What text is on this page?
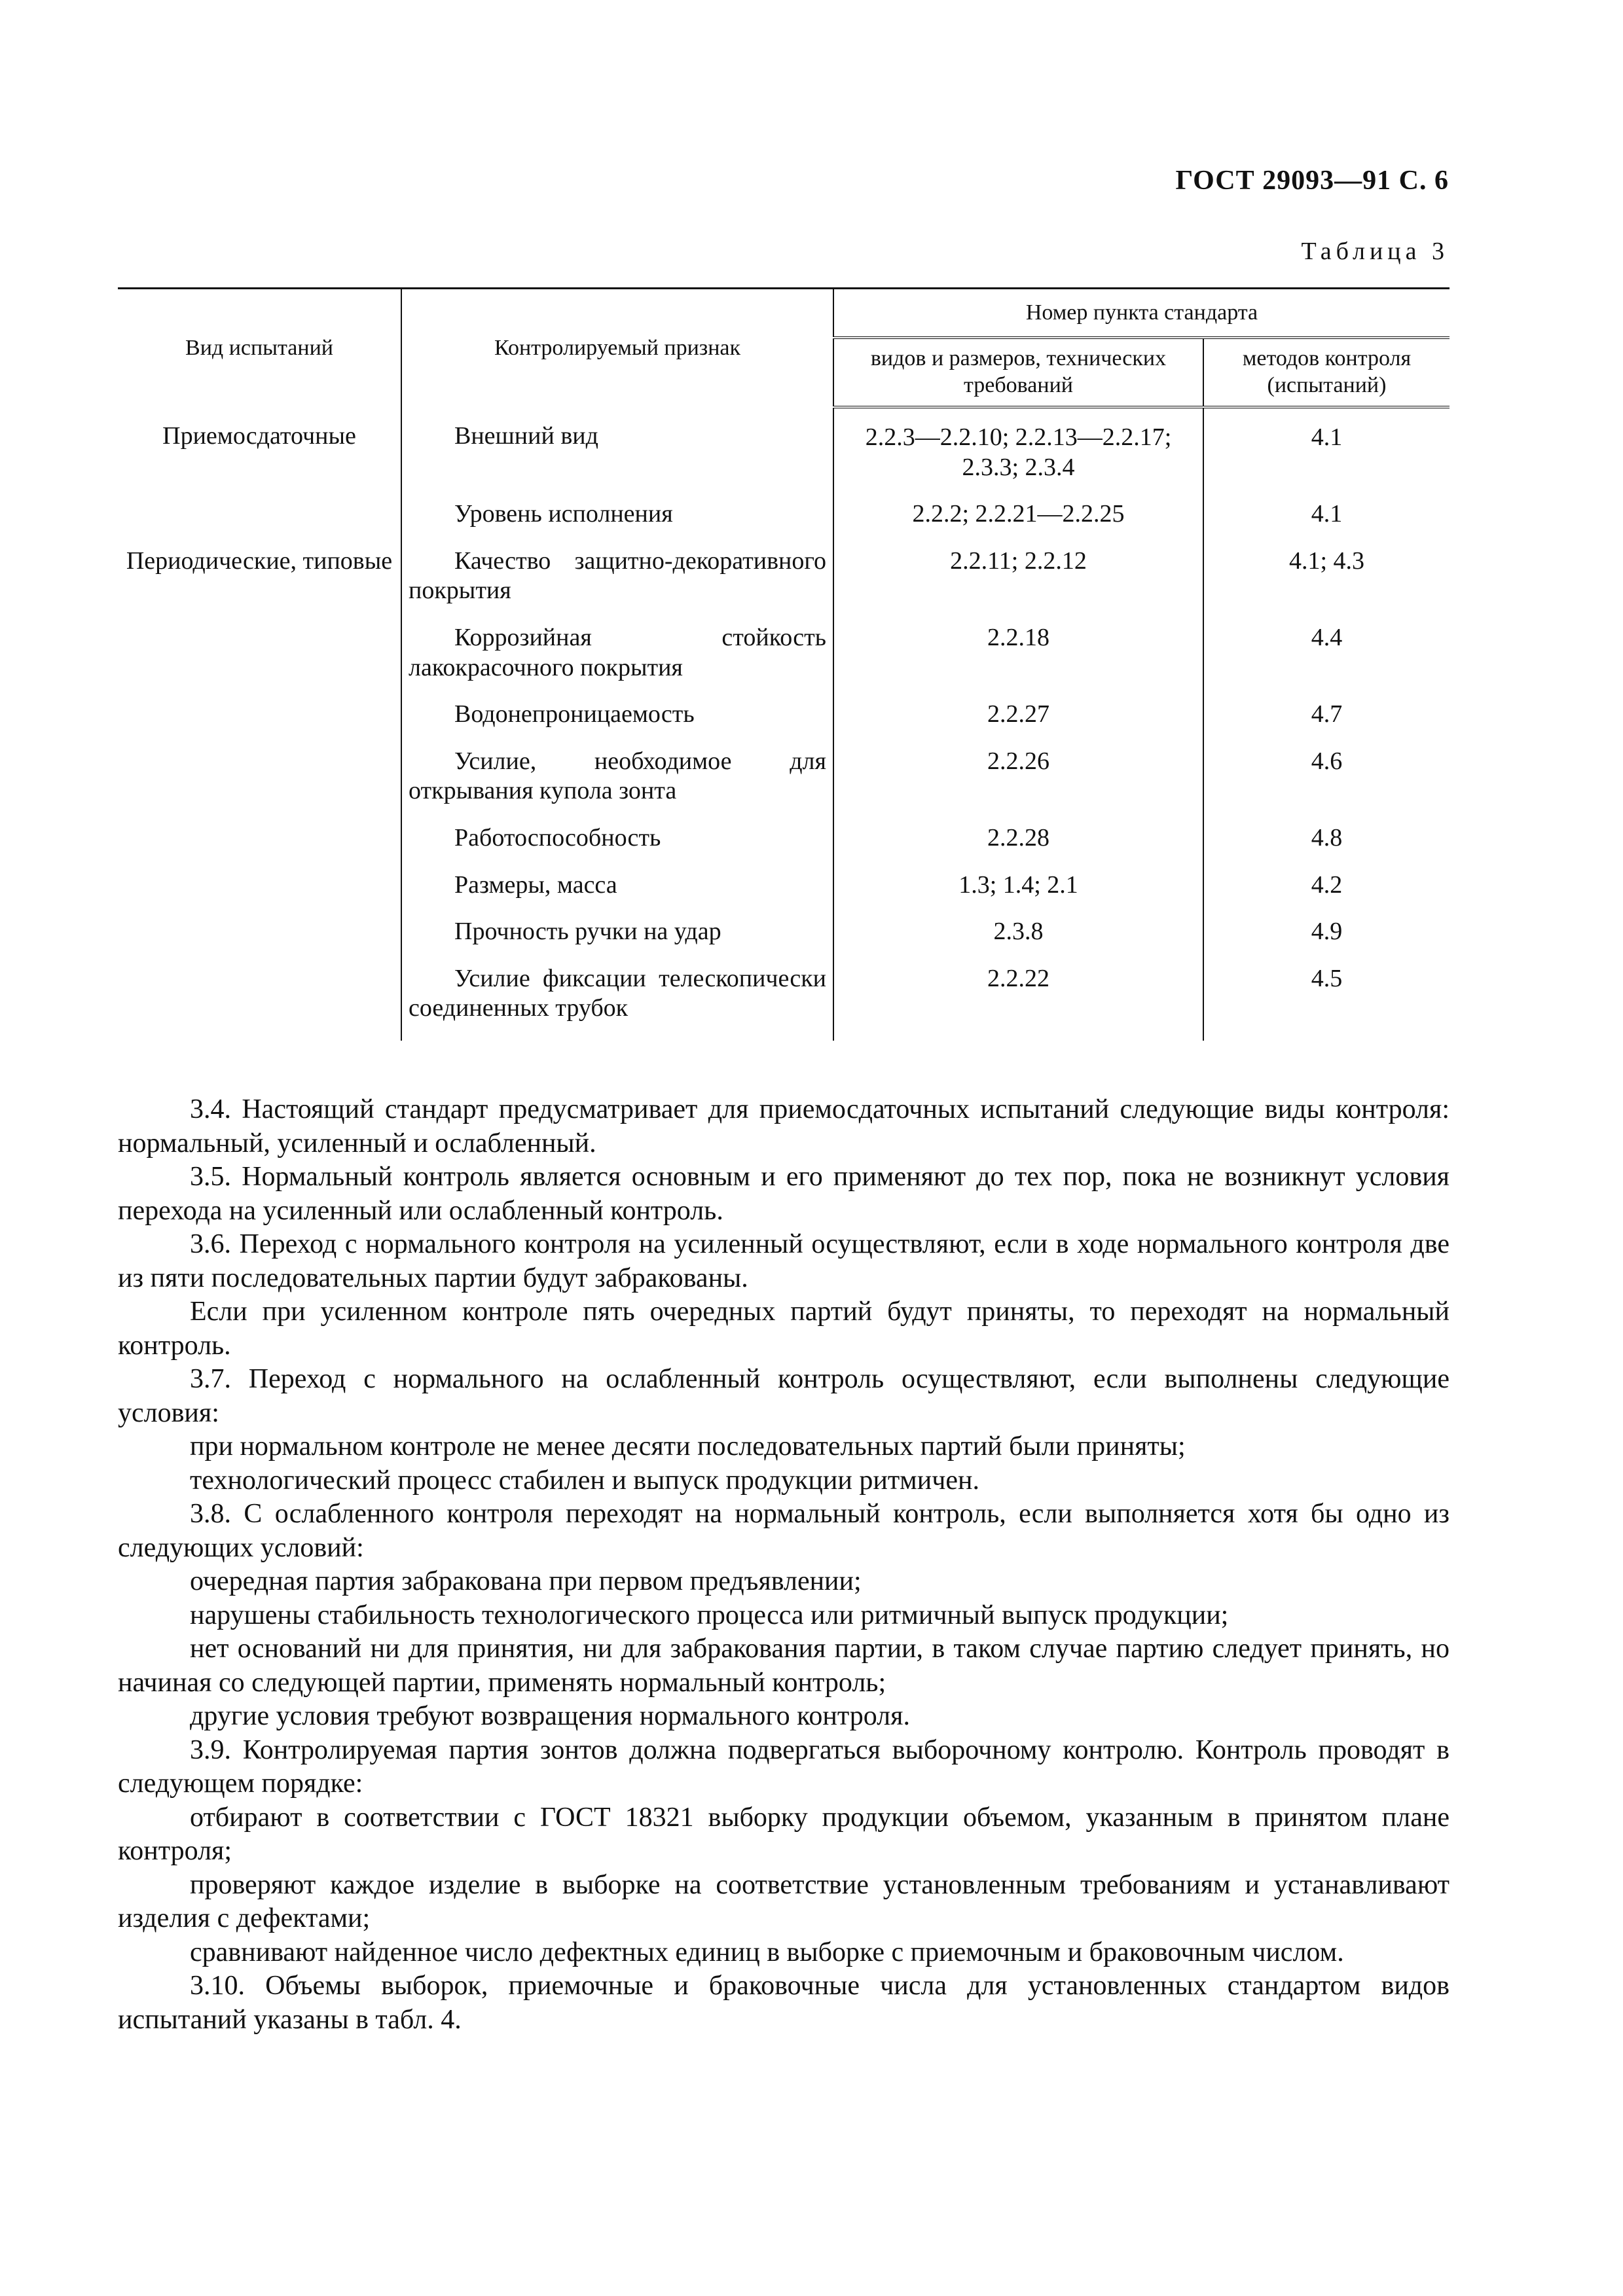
ГОСТ 29093—91 С. 6
Таблица 3
Вид испытаний	Контролируемый признак	Номер пункта стандарта	
		видов и размеров, технических требований	методов контроля (испытаний)
Приемосдаточные	Внешний вид	2.2.3—2.2.10; 2.2.13—2.2.17; 2.3.3; 2.3.4	4.1
	Уровень исполнения	2.2.2; 2.2.21—2.2.25	4.1
Периодические, типовые	Качество защитно-декоративного покрытия	2.2.11; 2.2.12	4.1; 4.3
	Коррозийная стойкость лакокрасочного покрытия	2.2.18	4.4
	Водонепроницаемость	2.2.27	4.7
	Усилие, необходимое для открывания купола зонта	2.2.26	4.6
	Работоспособность	2.2.28	4.8
	Размеры, масса	1.3; 1.4; 2.1	4.2
	Прочность ручки на удар	2.3.8	4.9
	Усилие фиксации телескопически соединенных трубок	2.2.22	4.5

3.4. Настоящий стандарт предусматривает для приемосдаточных испытаний следующие виды контроля: нормальный, усиленный и ослабленный.

3.5. Нормальный контроль является основным и его применяют до тех пор, пока не возникнут условия перехода на усиленный или ослабленный контроль.

3.6. Переход с нормального контроля на усиленный осуществляют, если в ходе нормального контроля две из пяти последовательных партии будут забракованы.

Если при усиленном контроле пять очередных партий будут приняты, то переходят на нормальный контроль.

3.7. Переход с нормального на ослабленный контроль осуществляют, если выполнены следующие условия:

при нормальном контроле не менее десяти последовательных партий были приняты;

технологический процесс стабилен и выпуск продукции ритмичен.

3.8. С ослабленного контроля переходят на нормальный контроль, если выполняется хотя бы одно из следующих условий:

очередная партия забракована при первом предъявлении;

нарушены стабильность технологического процесса или ритмичный выпуск продукции;

нет оснований ни для принятия, ни для забракования партии, в таком случае партию следует принять, но начиная со следующей партии, применять нормальный контроль;

другие условия требуют возвращения нормального контроля.

3.9. Контролируемая партия зонтов должна подвергаться выборочному контролю. Контроль проводят в следующем порядке:

отбирают в соответствии с ГОСТ 18321 выборку продукции объемом, указанным в принятом плане контроля;

проверяют каждое изделие в выборке на соответствие установленным требованиям и устанавливают изделия с дефектами;

сравнивают найденное число дефектных единиц в выборке с приемочным и браковочным числом.

3.10. Объемы выборок, приемочные и браковочные числа для установленных стандартом видов испытаний указаны в табл. 4.
